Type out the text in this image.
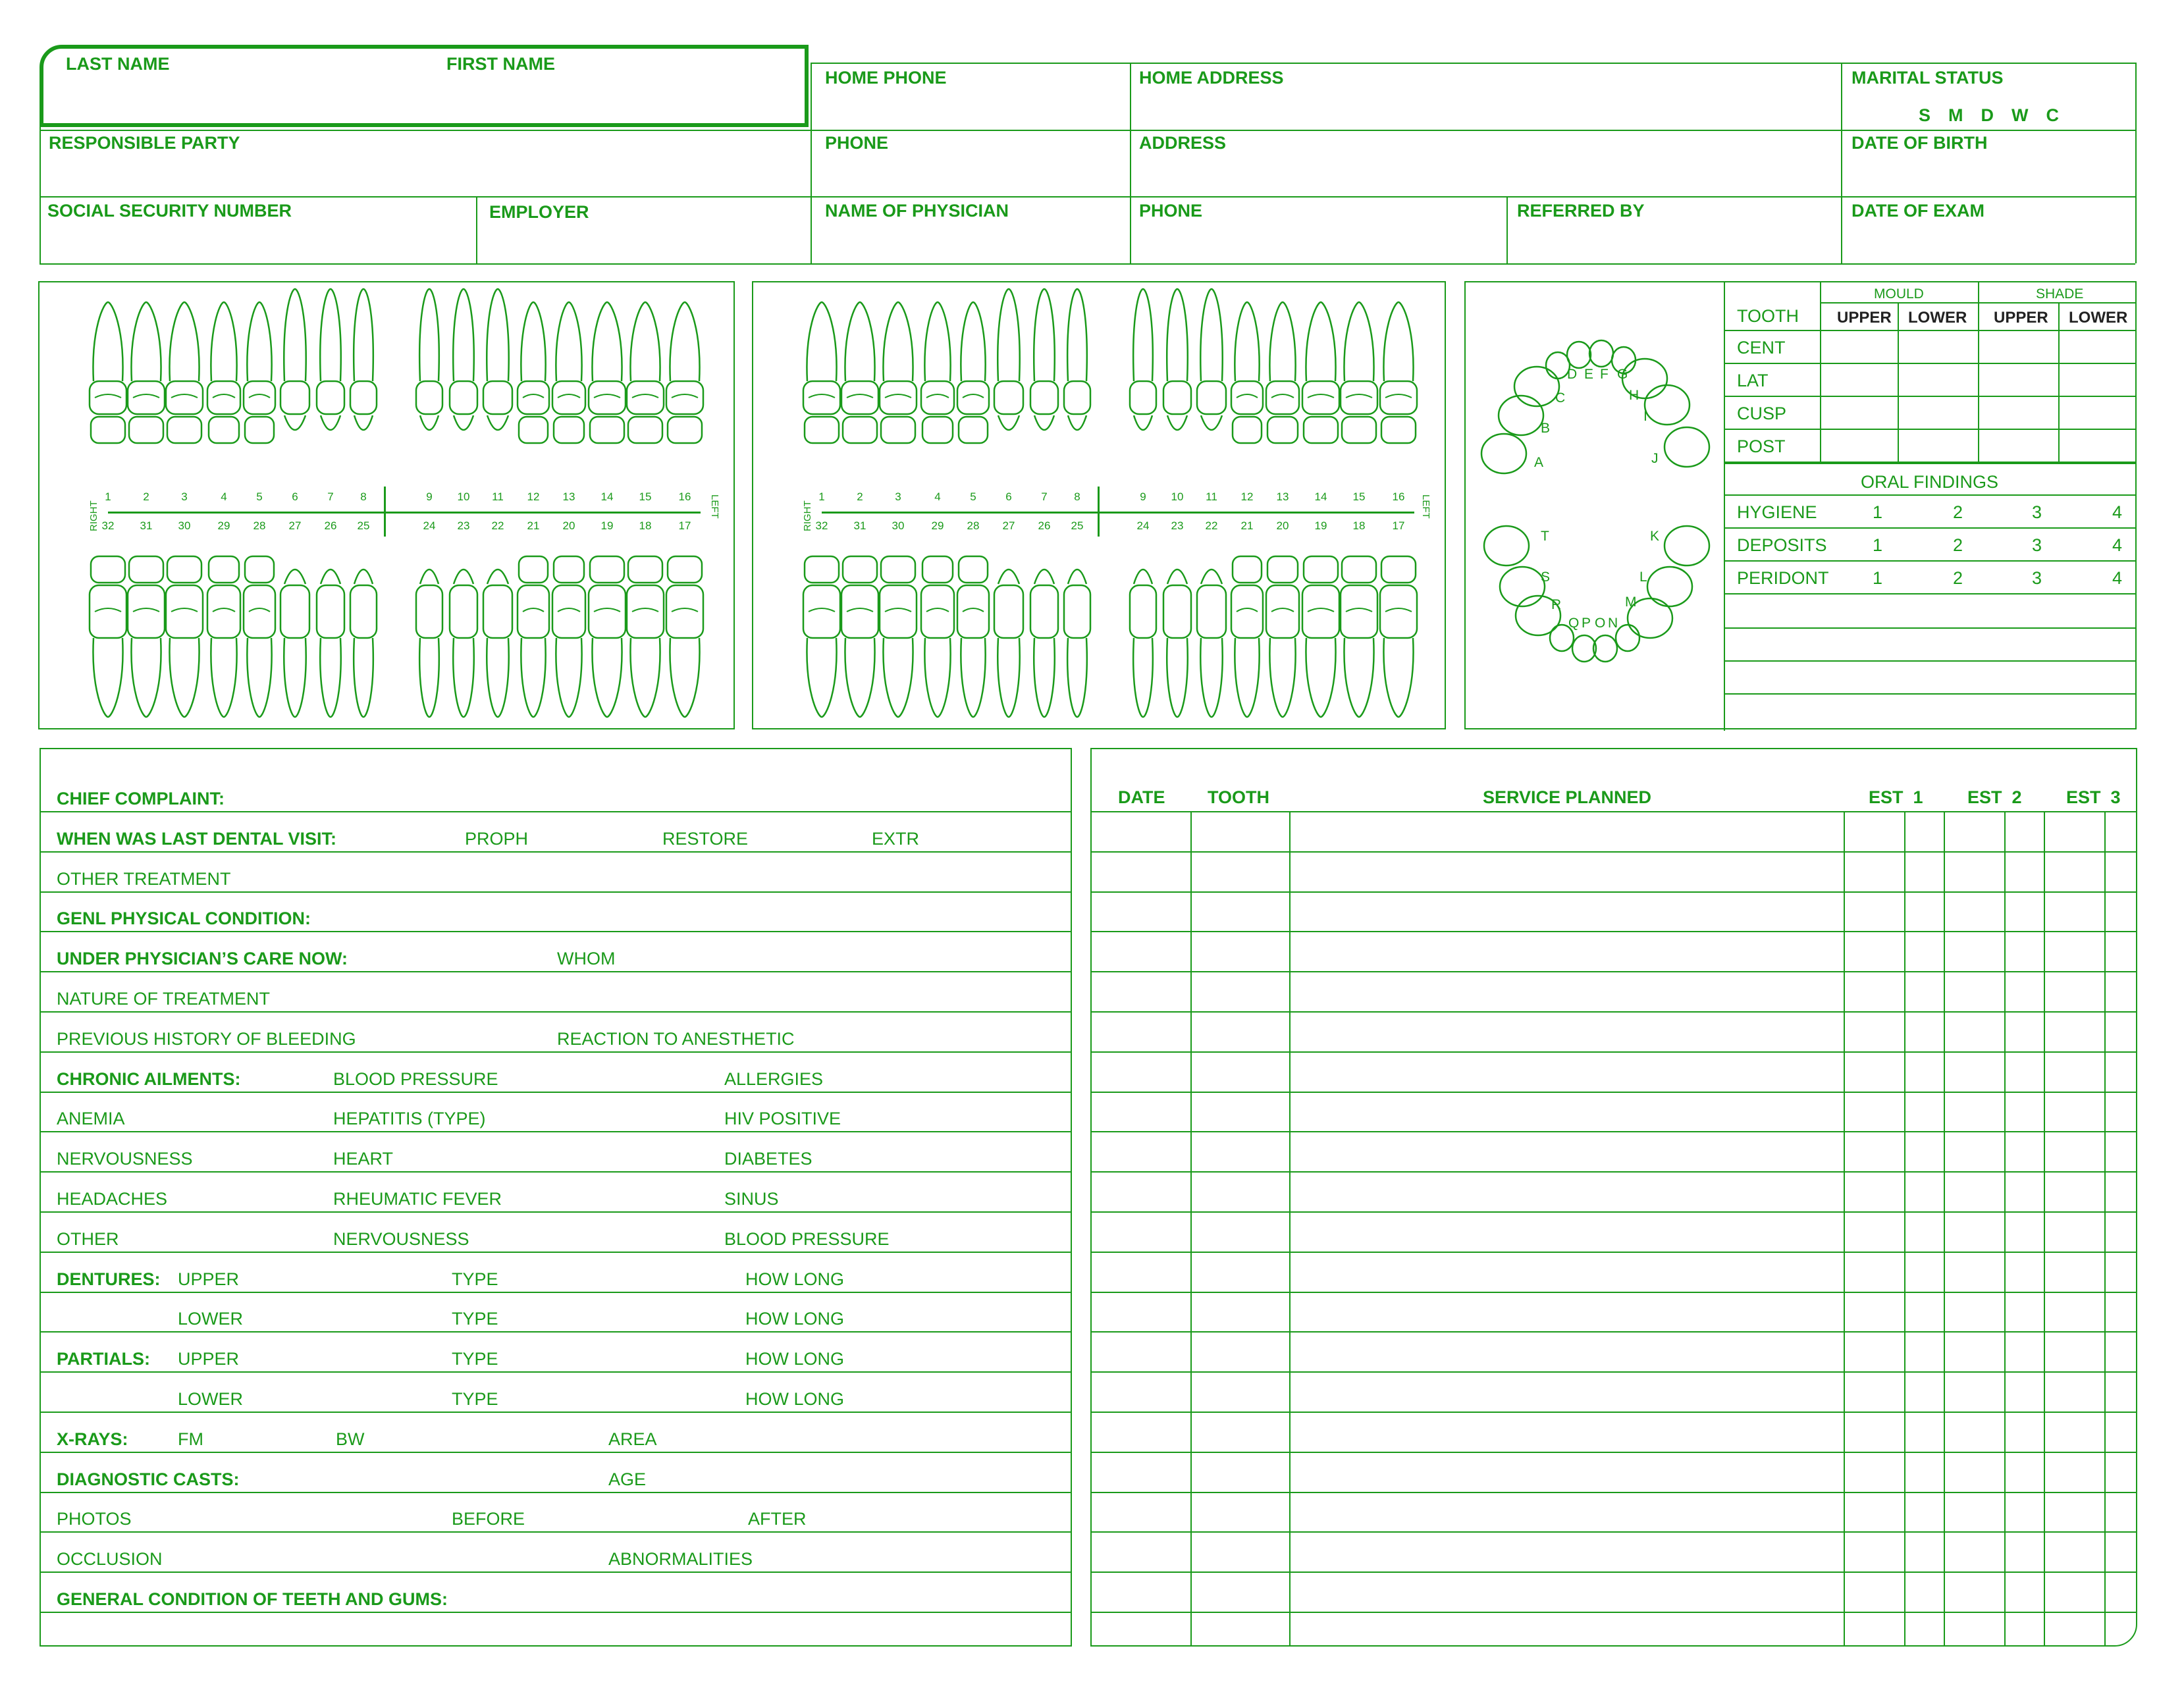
LAST NAME	FIRST NAME
HOME PHONE	HOME ADDRESS	MARITAL STATUS
S  M  D  W  C
RESPONSIBLE PARTY	PHONE	ADDRESS	DATE OF BIRTH
SOCIAL SECURITY NUMBER	EMPLOYER	NAME OF PHYSICIAN	PHONE	REFERRED BY	DATE OF EXAM
RIGHT	LEFT
1	2	3	4	5	6	7	8	9	10	11	12	13	14	15	16
32	31	30	29	28	27	26	25	24	23	22	21	20	19	18	17	RIGHT	LEFT
1	2	3	4	5	6	7	8	9	10	11	12	13	14	15	16
32	31	30	29	28	27	26	25	24	23	22	21	20	19	18	17
A
B
C
D E F G
H
I
J
K
L
M
N
O
P
Q
R
S
T
MOULD	SHADE
TOOTH UPPER LOWER UPPER LOWER
CENT
LAT
CUSP
POST
ORAL FINDINGS
HYGIENE	1	2	3	4
DEPOSITS	1	2	3	4
PERIDONT 1	2	3	4
CHIEF COMPLAINT:
WHEN WAS LAST DENTAL VISIT:	PROPH	RESTORE	EXTR
OTHER TREATMENT
GENL PHYSICAL CONDITION:
UNDER PHYSICIAN’S CARE NOW:	WHOM
NATURE OF TREATMENT
PREVIOUS HISTORY OF BLEEDING	REACTION TO ANESTHETIC
CHRONIC AILMENTS:	BLOOD PRESSURE	ALLERGIES
ANEMIA	HEPATITIS (TYPE)	HIV POSITIVE
NERVOUSNESS	HEART	DIABETES
HEADACHES	RHEUMATIC FEVER	SINUS
OTHER	NERVOUSNESS	BLOOD PRESSURE
DENTURES: UPPER	TYPE	HOW LONG
LOWER	TYPE	HOW LONG
PARTIALS: UPPER	TYPE	HOW LONG
LOWER	TYPE	HOW LONG
X-RAYS:	FM	BW	AREA
DIAGNOSTIC CASTS:	AGE
PHOTOS	BEFORE	AFTER
OCCLUSION	ABNORMALITIES
GENERAL CONDITION OF TEETH AND GUMS:
DATE TOOTH	SERVICE PLANNED	EST  1 EST  2 EST  3
